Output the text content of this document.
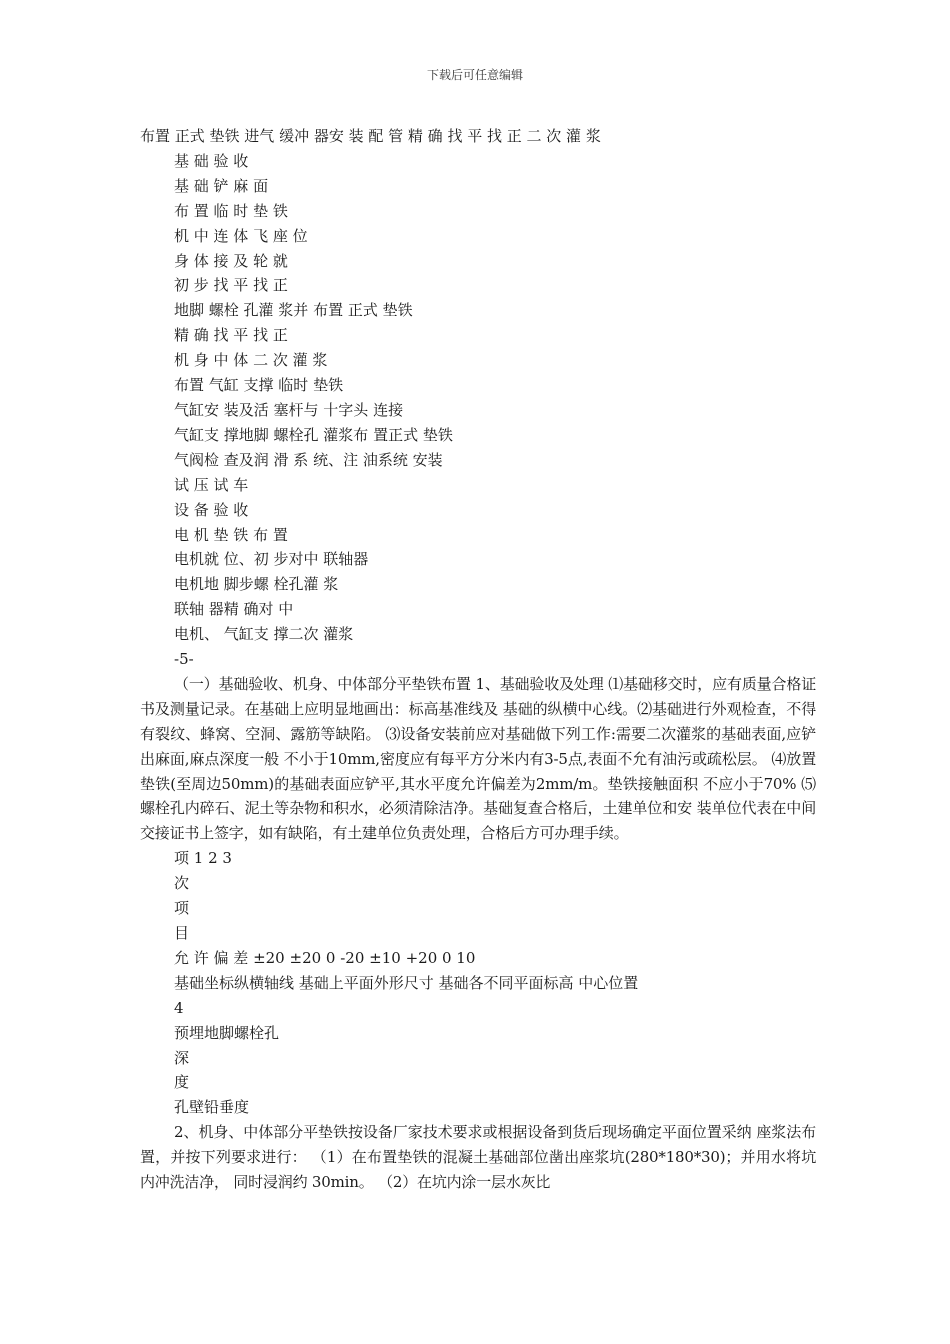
下载后可任意编辑
布置 正式 垫铁 进气 缓冲 器安 装 配 管 精 确 找 平 找 正 二 次 灌 浆
基 础 验 收
基 础 铲 麻 面
布 置 临 时 垫 铁
机 中 连 体 飞 座 位
身 体 接 及 轮 就
初 步 找 平 找 正
地脚 螺栓 孔灌 浆并 布置 正式 垫铁
精 确 找 平 找 正
机 身 中 体 二 次 灌 浆
布置 气缸 支撑 临时 垫铁
气缸安 装及活 塞杆与 十字头 连接
气缸支 撑地脚 螺栓孔 灌浆布 置正式 垫铁
气阀检 查及润 滑 系 统、注 油系统 安装
试 压 试 车
设 备 验 收
电 机 垫 铁 布 置
电机就 位、初 步对中 联轴器
电机地 脚步螺 栓孔灌 浆
联轴 器精 确对 中
电机、 气缸支 撑二次 灌浆
-5-
（一）基础验收、机身、中体部分平垫铁布置 1、基础验收及处理 ⑴基础移交时，应有质量合格证书及测量记录。在基础上应明显地画出：标高基准线及 基础的纵横中心线。⑵基础进行外观检查，不得有裂纹、蜂窝、空洞、露筋等缺陷。 ⑶设备安装前应对基础做下列工作:需要二次灌浆的基础表面,应铲出麻面,麻点深度一般 不小于10mm,密度应有每平方分米内有3-5点,表面不允有油污或疏松层。 ⑷放置垫铁(至周边50mm)的基础表面应铲平,其水平度允许偏差为2mm/m。垫铁接触面积 不应小于70% ⑸螺栓孔内碎石、泥土等杂物和积水，必须清除洁净。基础复查合格后，土建单位和安 装单位代表在中间交接证书上签字，如有缺陷，有土建单位负责处理，合格后方可办理手续。
项 1 2 3
次
项
目
允 许 偏 差 ±20 ±20 0 -20 ±10 +20 0 10
基础坐标纵横轴线 基础上平面外形尺寸 基础各不同平面标高 中心位置
4
预埋地脚螺栓孔
深
度
孔壁铅垂度
2、机身、中体部分平垫铁按设备厂家技术要求或根据设备到货后现场确定平面位置采纳 座浆法布置，并按下列要求进行： （1）在布置垫铁的混凝土基础部位凿出座浆坑(280*180*30)；并用水将坑内冲洗洁净， 同时浸润约 30min。 （2）在坑内涂一层水灰比
